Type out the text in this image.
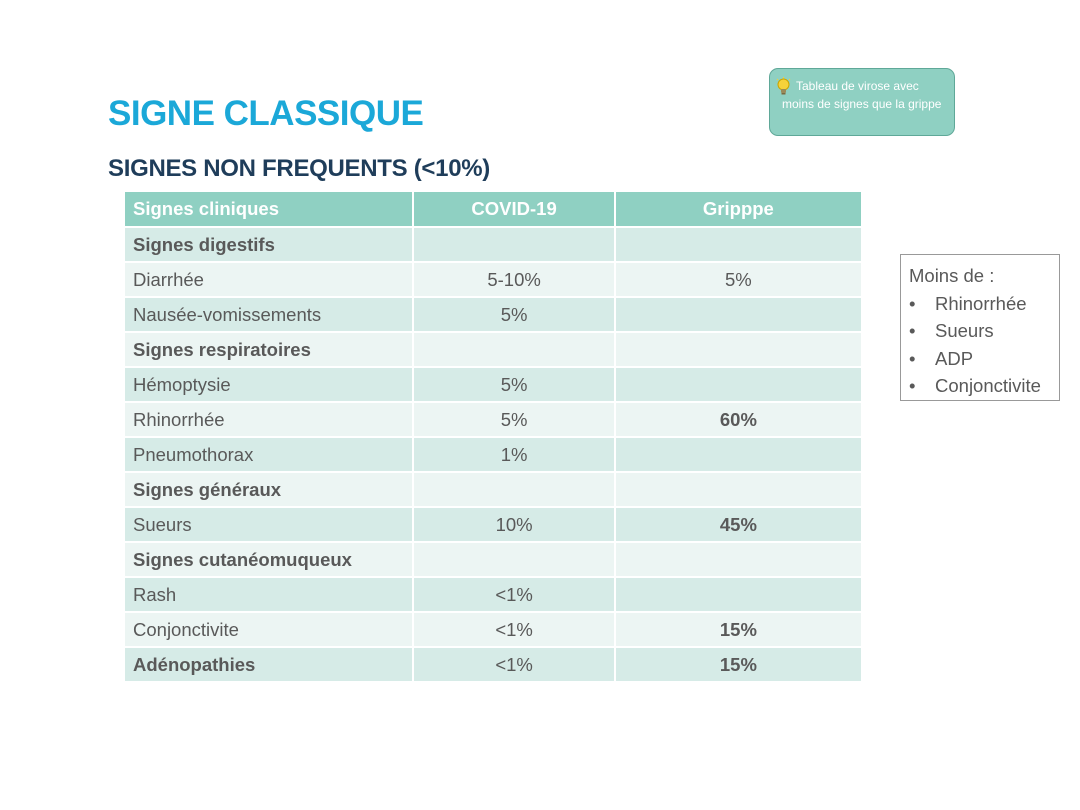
SIGNE CLASSIQUE
SIGNES NON FREQUENTS (<10%)
Tableau de virose avec moins de signes que la grippe
Signes cliniques	COVID-19	Gripppe
Signes digestifs		
Diarrhée	5-10%	5%
Nausée-vomissements	5%	
Signes respiratoires		
Hémoptysie	5%	
Rhinorrhée	5%	60%
Pneumothorax	1%	
Signes généraux		
Sueurs	10%	45%
Signes cutanéomuqueux		
Rash	<1%	
Conjonctivite	<1%	15%
Adénopathies	<1%	15%
Moins de :
• Rhinorrhée
• Sueurs
• ADP
• Conjonctivite
